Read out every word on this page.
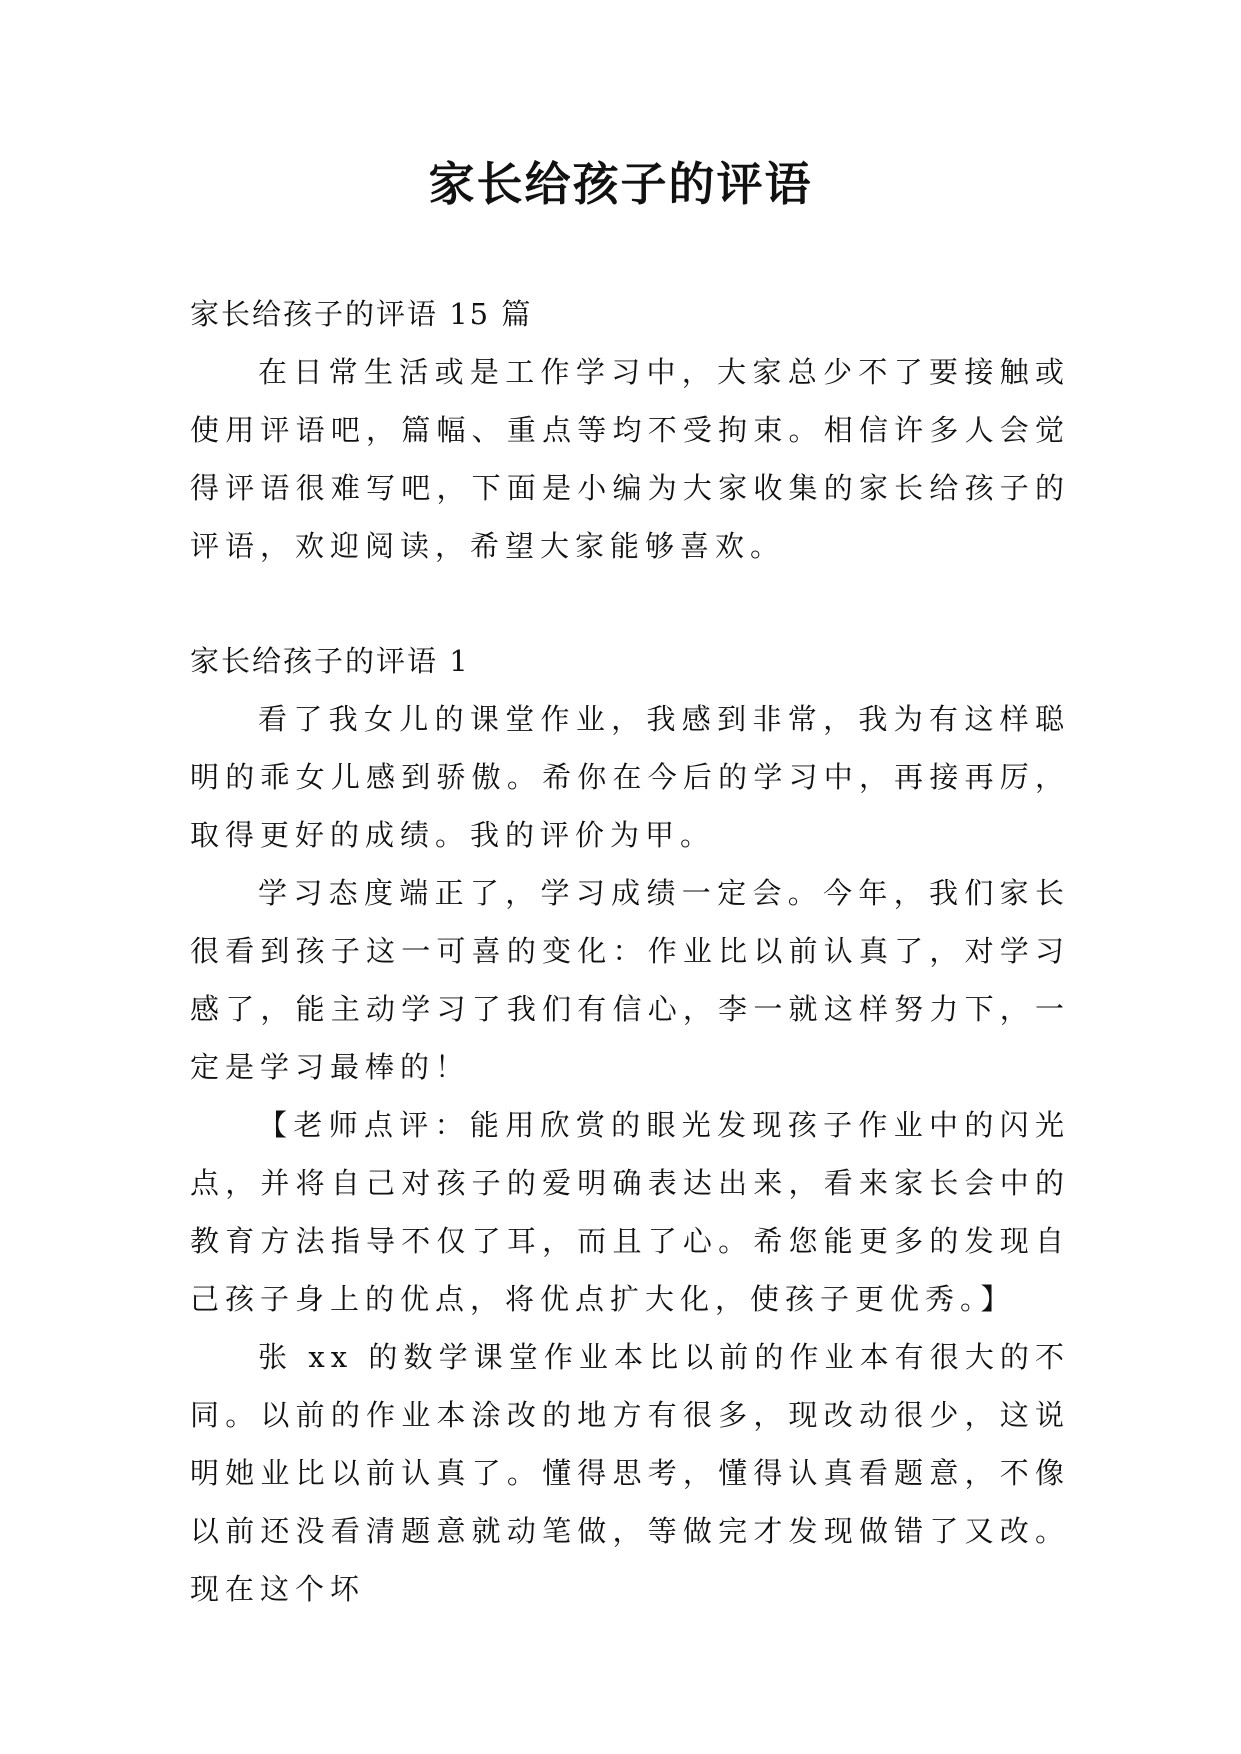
家长给孩子的评语

家长给孩子的评语 15 篇

在日常生活或是工作学习中，大家总少不了要接触或使用评语吧，篇幅、重点等均不受拘束。相信许多人会觉得评语很难写吧，下面是小编为大家收集的家长给孩子的评语，欢迎阅读，希望大家能够喜欢。

家长给孩子的评语 1

看了我女儿的课堂作业，我感到非常，我为有这样聪明的乖女儿感到骄傲。希你在今后的学习中，再接再厉，取得更好的成绩。我的评价为甲。

学习态度端正了，学习成绩一定会。今年，我们家长很看到孩子这一可喜的变化：作业比以前认真了，对学习感了，能主动学习了我们有信心，李一就这样努力下，一定是学习最棒的！

【老师点评：能用欣赏的眼光发现孩子作业中的闪光点，并将自己对孩子的爱明确表达出来，看来家长会中的教育方法指导不仅了耳，而且了心。希您能更多的发现自己孩子身上的优点，将优点扩大化，使孩子更优秀。】

张 xx 的数学课堂作业本比以前的作业本有很大的不同。以前的作业本涂改的地方有很多，现改动很少，这说明她业比以前认真了。懂得思考，懂得认真看题意，不像以前还没看清题意就动笔做，等做完才发现做错了又改。现在这个坏
